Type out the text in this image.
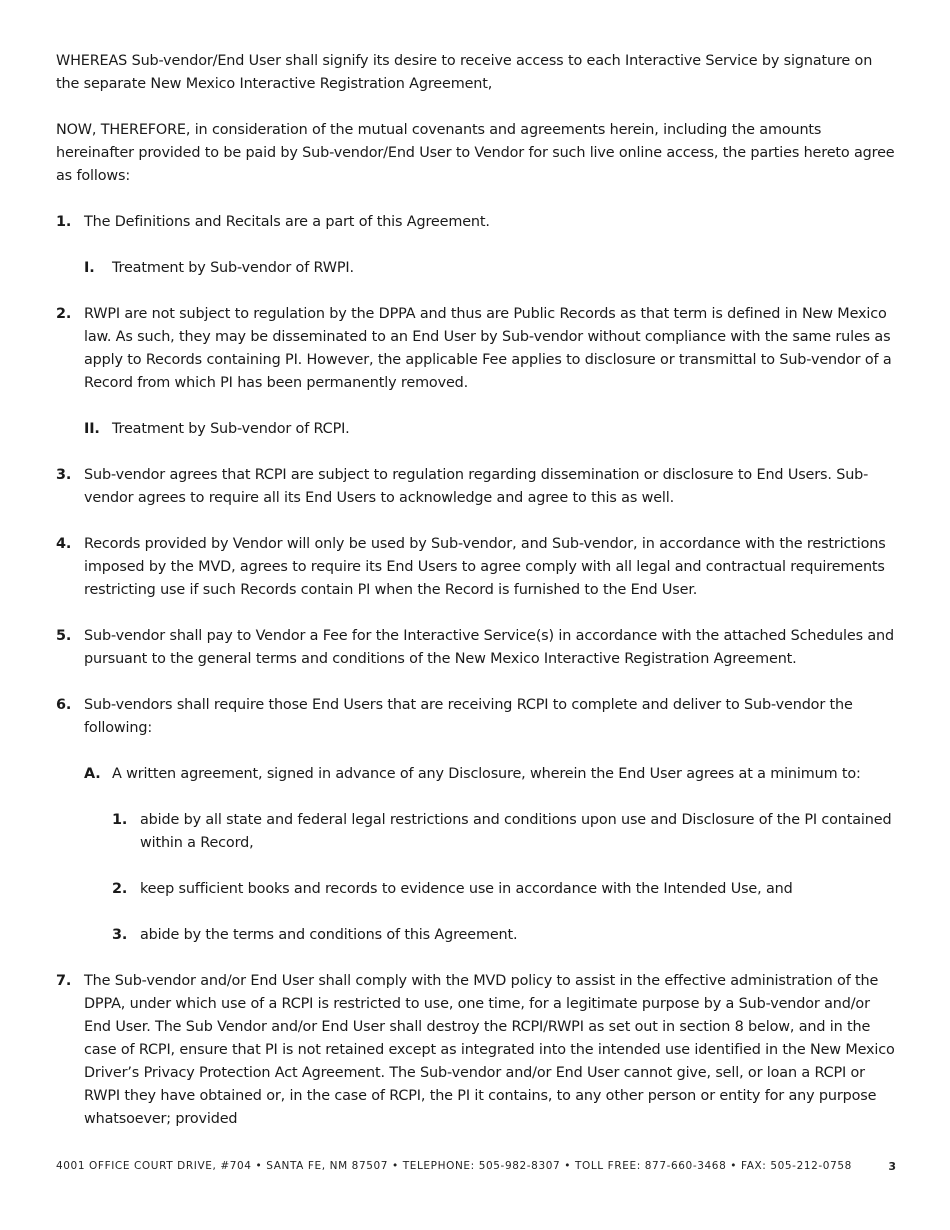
WHEREAS Sub-vendor/End User shall signify its desire to receive access to each Interactive Service by signature on the separate New Mexico Interactive Registration Agreement,

NOW, THEREFORE, in consideration of the mutual covenants and agreements herein, including the amounts hereinafter provided to be paid by Sub-vendor/End User to Vendor for such live online access, the parties hereto agree as follows:

1. The Definitions and Recitals are a part of this Agreement.
I. Treatment by Sub-vendor of RWPI.
2. RWPI are not subject to regulation by the DPPA and thus are Public Records as that term is defined in New Mexico law. As such, they may be disseminated to an End User by Sub-vendor without compliance with the same rules as apply to Records containing PI. However, the applicable Fee applies to disclosure or transmittal to Sub-vendor of a Record from which PI has been permanently removed.
II. Treatment by Sub-vendor of RCPI.
3. Sub-vendor agrees that RCPI are subject to regulation regarding dissemination or disclosure to End Users. Sub-vendor agrees to require all its End Users to acknowledge and agree to this as well.
4. Records provided by Vendor will only be used by Sub-vendor, and Sub-vendor, in accordance with the restrictions imposed by the MVD, agrees to require its End Users to agree comply with all legal and contractual requirements restricting use if such Records contain PI when the Record is furnished to the End User.
5. Sub-vendor shall pay to Vendor a Fee for the Interactive Service(s) in accordance with the attached Schedules and pursuant to the general terms and conditions of the New Mexico Interactive Registration Agreement.
6. Sub-vendors shall require those End Users that are receiving RCPI to complete and deliver to Sub-vendor the following:
A. A written agreement, signed in advance of any Disclosure, wherein the End User agrees at a minimum to:
1. abide by all state and federal legal restrictions and conditions upon use and Disclosure of the PI contained within a Record,
2. keep sufficient books and records to evidence use in accordance with the Intended Use, and
3. abide by the terms and conditions of this Agreement.
7. The Sub-vendor and/or End User shall comply with the MVD policy to assist in the effective administration of the DPPA, under which use of a RCPI is restricted to use, one time, for a legitimate purpose by a Sub-vendor and/or End User. The Sub Vendor and/or End User shall destroy the RCPI/RWPI as set out in section 8 below, and in the case of RCPI, ensure that PI is not retained except as integrated into the intended use identified in the New Mexico Driver’s Privacy Protection Act Agreement. The Sub-vendor and/or End User cannot give, sell, or loan a RCPI or RWPI they have obtained or, in the case of RCPI, the PI it contains, to any other person or entity for any purpose whatsoever; provided
4001 OFFICE COURT DRIVE, #704 • SANTA FE, NM 87507 • TELEPHONE: 505-982-8307 • TOLL FREE: 877-660-3468 • FAX: 505-212-0758	3
